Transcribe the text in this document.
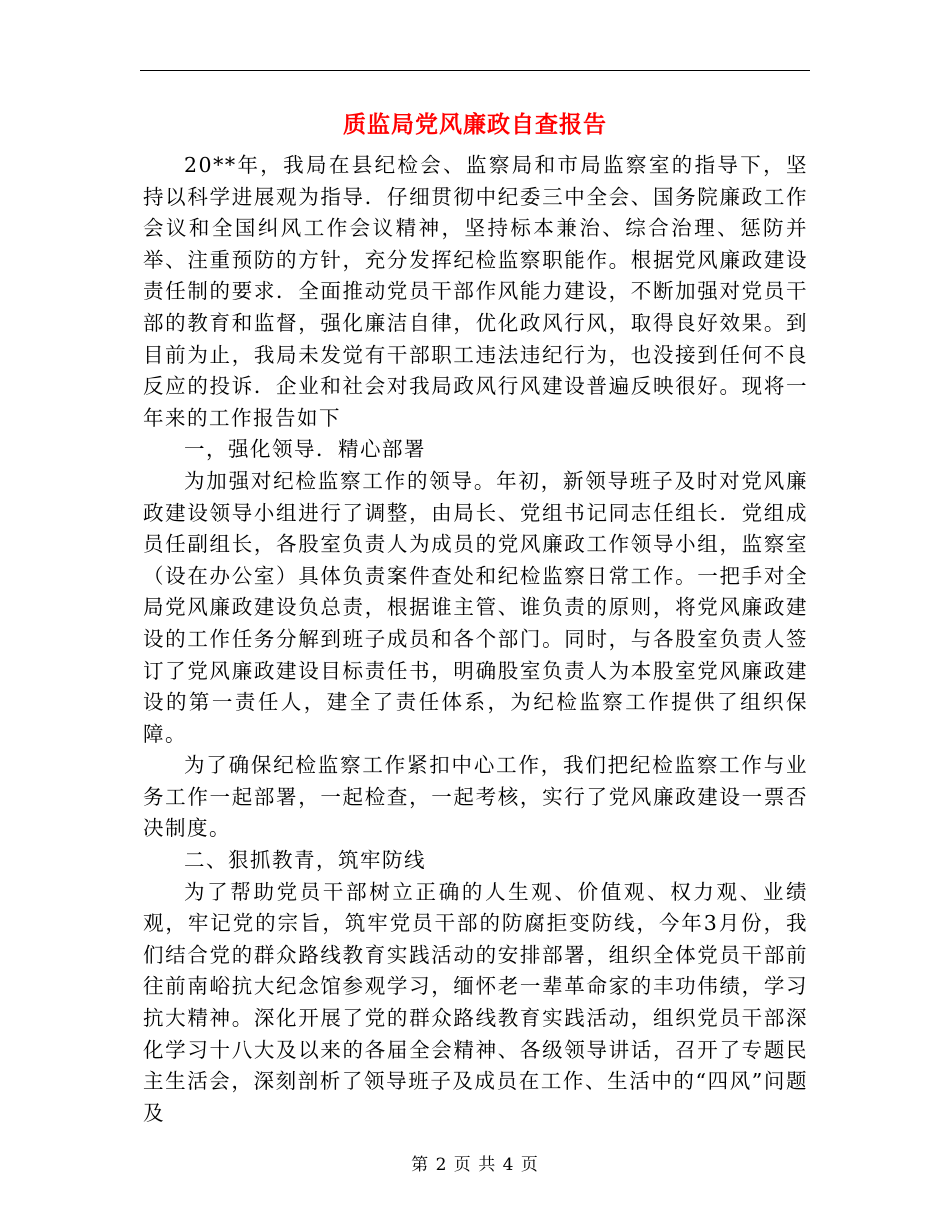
质监局党风廉政自查报告

20**年，我局在县纪检会、监察局和市局监察室的指导下，坚持以科学进展观为指导．仔细贯彻中纪委三中全会、国务院廉政工作会议和全国纠风工作会议精神，坚持标本兼治、综合治理、惩防并举、注重预防的方针，充分发挥纪检监察职能作。根据党风廉政建设责任制的要求．全面推动党员干部作风能力建设，不断加强对党员干部的教育和监督，强化廉洁自律，优化政风行风，取得良好效果。到目前为止，我局未发觉有干部职工违法违纪行为，也没接到任何不良反应的投诉．企业和社会对我局政风行风建设普遍反映很好。现将一年来的工作报告如下

一，强化领导．精心部署

为加强对纪检监察工作的领导。年初，新领导班子及时对党风廉政建设领导小组进行了调整，由局长、党组书记同志任组长．党组成员任副组长，各股室负责人为成员的党风廉政工作领导小组，监察室（设在办公室）具体负责案件查处和纪检监察日常工作。一把手对全局党风廉政建设负总责，根据谁主管、谁负责的原则，将党风廉政建设的工作任务分解到班子成员和各个部门。同时，与各股室负责人签订了党风廉政建设目标责任书，明确股室负责人为本股室党风廉政建设的第一责任人，建全了责任体系，为纪检监察工作提供了组织保障。

为了确保纪检监察工作紧扣中心工作，我们把纪检监察工作与业务工作一起部署，一起检查，一起考核，实行了党风廉政建设一票否决制度。

二、狠抓教青，筑牢防线

为了帮助党员干部树立正确的人生观、价值观、权力观、业绩观，牢记党的宗旨，筑牢党员干部的防腐拒变防线，今年3月份，我们结合党的群众路线教育实践活动的安排部署，组织全体党员干部前往前南峪抗大纪念馆参观学习，缅怀老一辈革命家的丰功伟绩，学习抗大精神。深化开展了党的群众路线教育实践活动，组织党员干部深化学习十八大及以来的各届全会精神、各级领导讲话，召开了专题民主生活会，深刻剖析了领导班子及成员在工作、生活中的“四风”问题及

第 2 页 共 4 页
